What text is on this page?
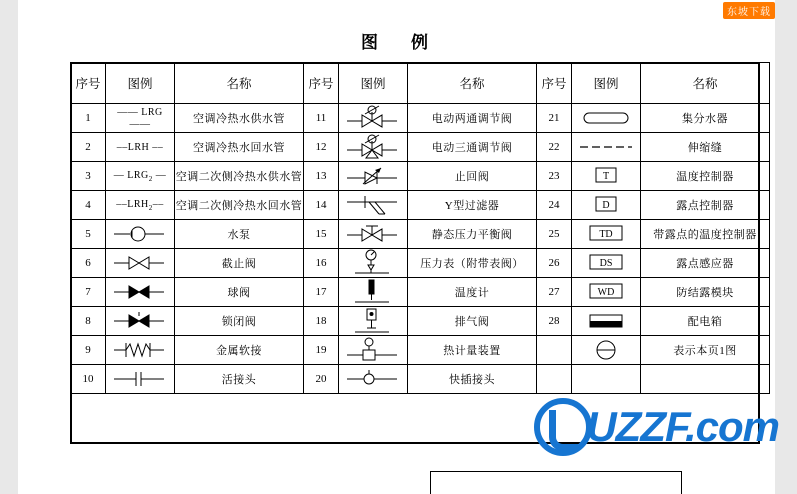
图　例
序号	图例	名称	序号	图例	名称	序号	图例	名称
1	—— LRG ——	空调冷热水供水管	11		电动两通调节阀	21		集分水器
2	––LRH ––	空调冷热水回水管	12		电动三通调节阀	22		伸缩缝
3	— $LRG_2$ —	空调二次侧冷热水供水管	13		止回阀	23	T	温度控制器
4	$--LRH_2--$	空调二次侧冷热水回水管	14		Y型过滤器	24	D	露点控制器
5		水泵	15		静态压力平衡阀	25	TD	带露点的温度控制器
6		截止阀	16		压力表（附带表阀）	26	DS	露点感应器
7		球阀	17		温度计	27	WD	防结露模块
8		锁闭阀	18		排气阀	28		配电箱
9		金属软接	19		热计量装置			表示本页1图
10		活接头	20		快插接头			
UZZF.com
东坡下载
